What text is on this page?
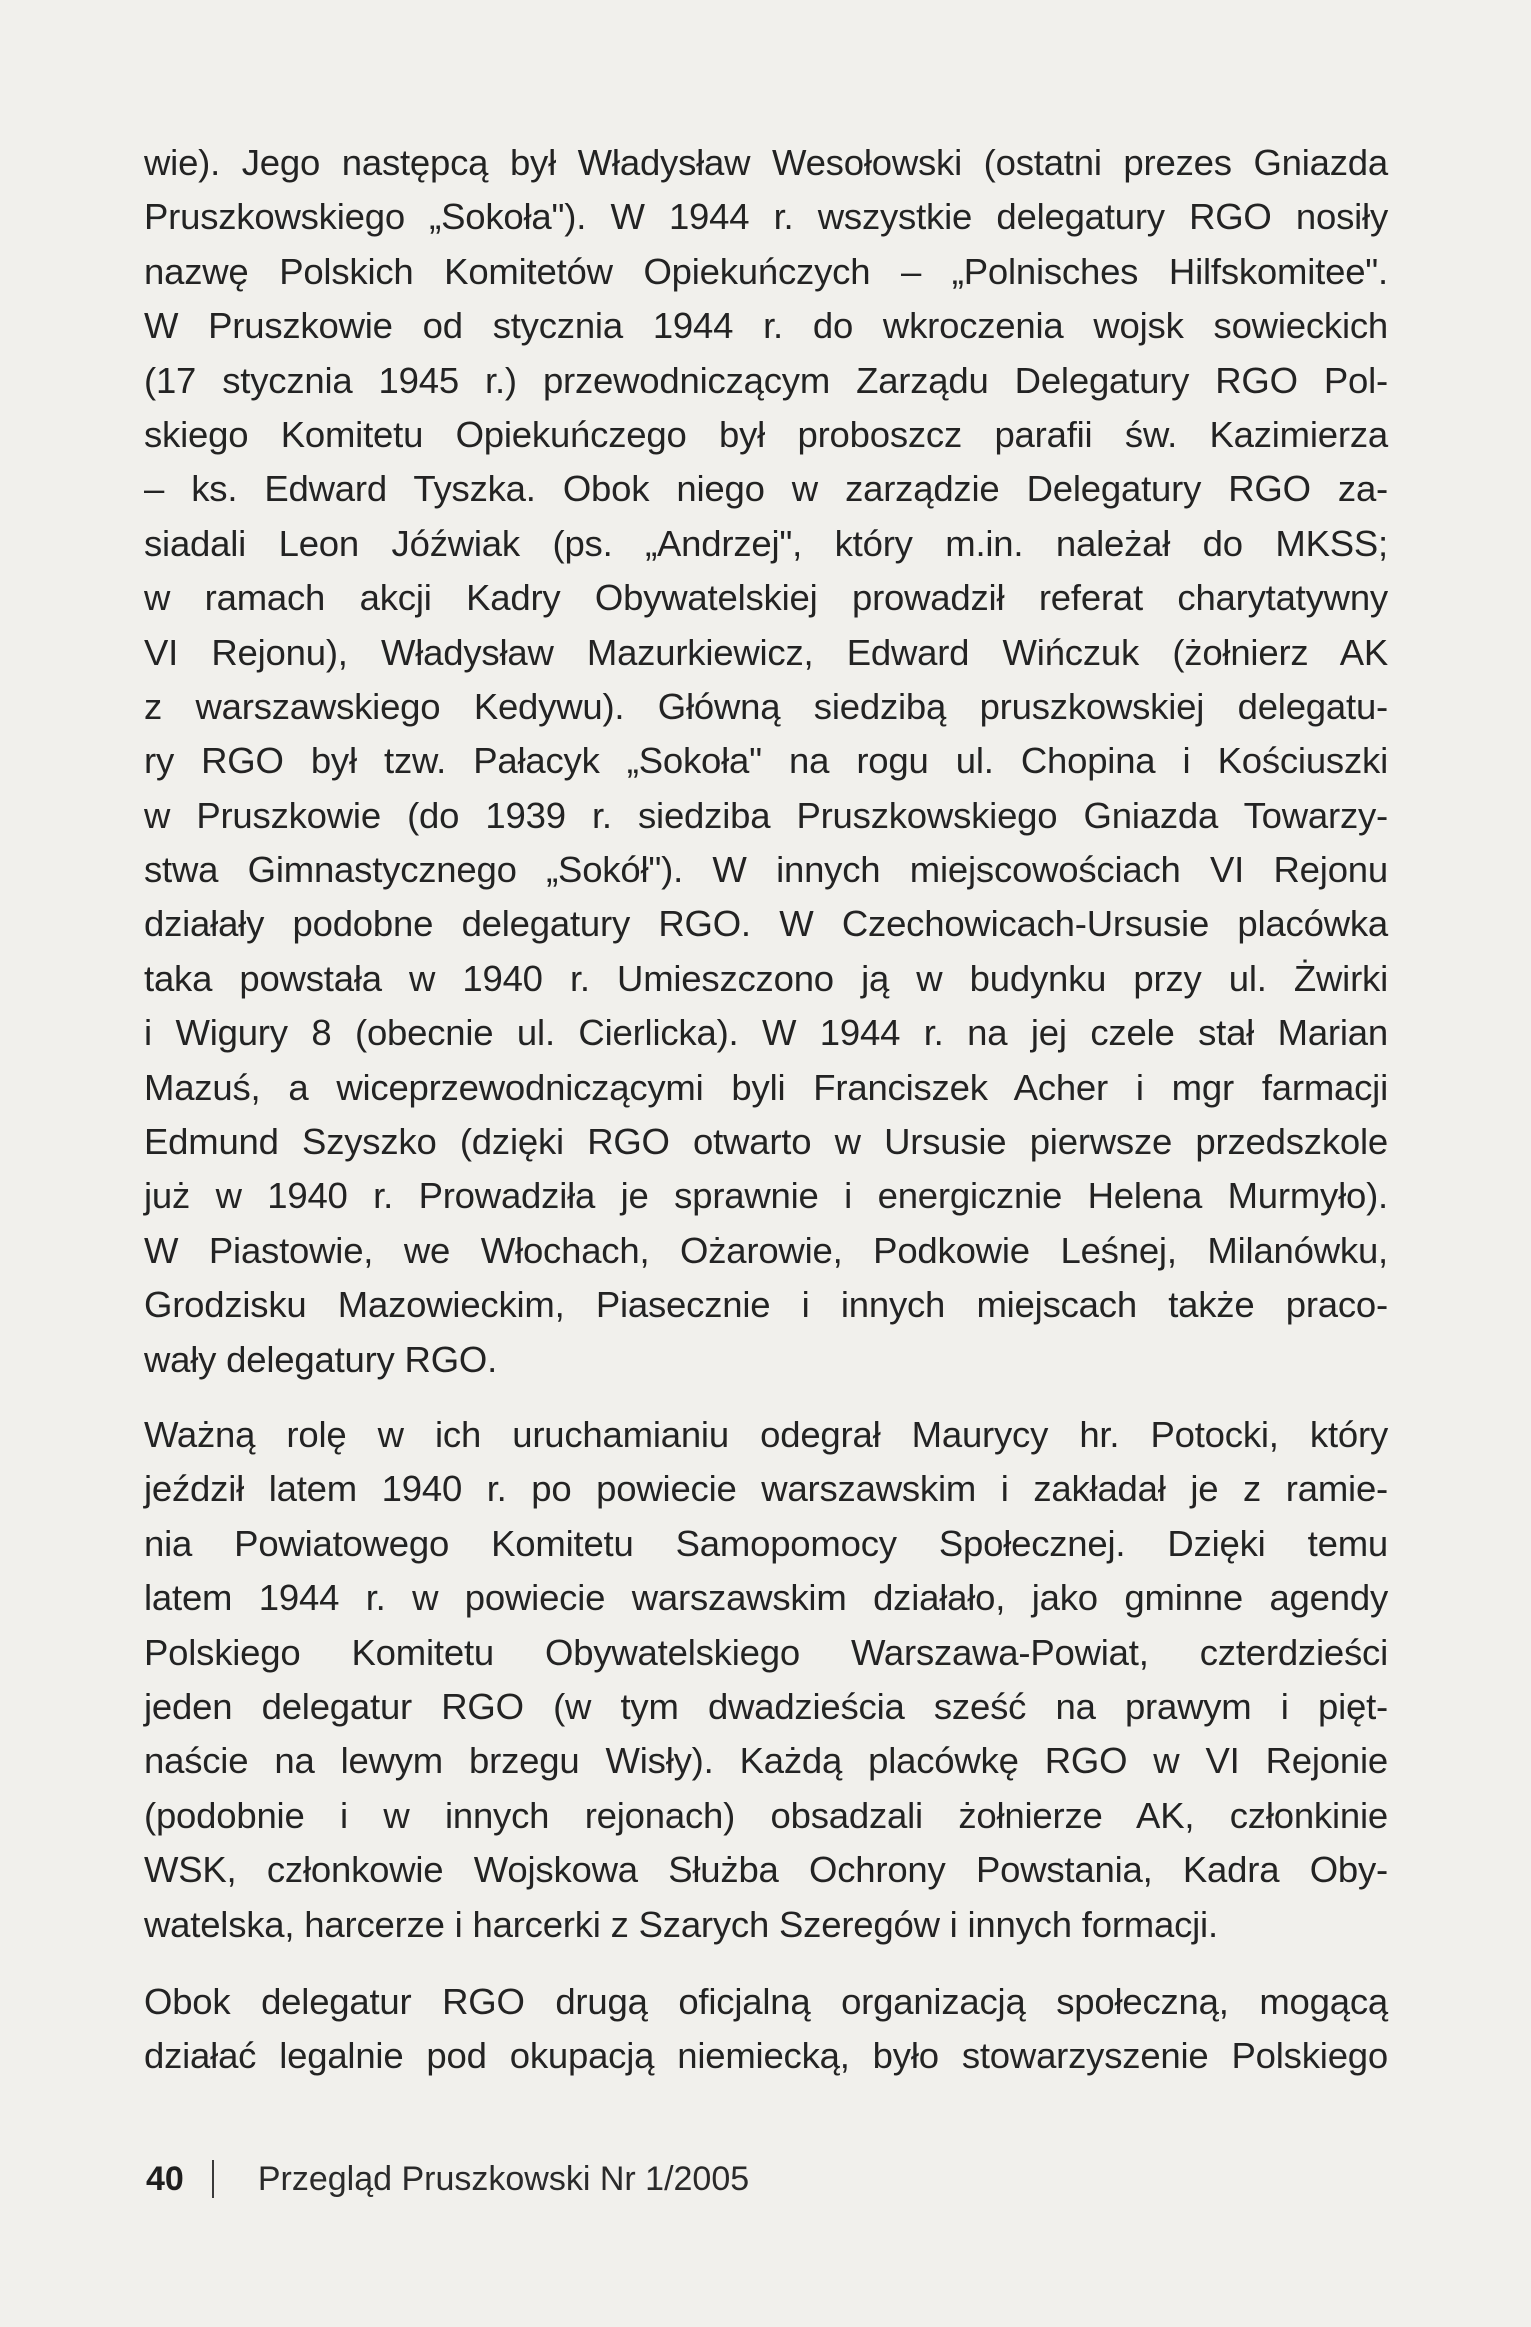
wie). Jego następcą był Władysław Wesołowski (ostatni prezes Gniazda
Pruszkowskiego „Sokoła"). W 1944 r. wszystkie delegatury RGO nosiły
nazwę Polskich Komitetów Opiekuńczych – „Polnisches Hilfskomitee".
W Pruszkowie od stycznia 1944 r. do wkroczenia wojsk sowieckich
(17 stycznia 1945 r.) przewodniczącym Zarządu Delegatury RGO Pol-
skiego Komitetu Opiekuńczego był proboszcz parafii św. Kazimierza
– ks. Edward Tyszka. Obok niego w zarządzie Delegatury RGO za-
siadali Leon Jóźwiak (ps. „Andrzej", który m.in. należał do MKSS;
w ramach akcji Kadry Obywatelskiej prowadził referat charytatywny
VI Rejonu), Władysław Mazurkiewicz, Edward Wińczuk (żołnierz AK
z warszawskiego Kedywu). Główną siedzibą pruszkowskiej delegatu-
ry RGO był tzw. Pałacyk „Sokoła" na rogu ul. Chopina i Kościuszki
w Pruszkowie (do 1939 r. siedziba Pruszkowskiego Gniazda Towarzy-
stwa Gimnastycznego „Sokół"). W innych miejscowościach VI Rejonu
działały podobne delegatury RGO. W Czechowicach-Ursusie placówka
taka powstała w 1940 r. Umieszczono ją w budynku przy ul. Żwirki
i Wigury 8 (obecnie ul. Cierlicka). W 1944 r. na jej czele stał Marian
Mazuś, a wiceprzewodniczącymi byli Franciszek Acher i mgr farmacji
Edmund Szyszko (dzięki RGO otwarto w Ursusie pierwsze przedszkole
już w 1940 r. Prowadziła je sprawnie i energicznie Helena Murmyło).
W Piastowie, we Włochach, Ożarowie, Podkowie Leśnej, Milanówku,
Grodzisku Mazowieckim, Piasecznie i innych miejscach także praco-
wały delegatury RGO.
Ważną rolę w ich uruchamianiu odegrał Maurycy hr. Potocki, który
jeździł latem 1940 r. po powiecie warszawskim i zakładał je z ramie-
nia Powiatowego Komitetu Samopomocy Społecznej. Dzięki temu
latem 1944 r. w powiecie warszawskim działało, jako gminne agendy
Polskiego Komitetu Obywatelskiego Warszawa-Powiat, czterdzieści
jeden delegatur RGO (w tym dwadzieścia sześć na prawym i pięt-
naście na lewym brzegu Wisły). Każdą placówkę RGO w VI Rejonie
(podobnie i w innych rejonach) obsadzali żołnierze AK, członkinie
WSK, członkowie Wojskowa Służba Ochrony Powstania, Kadra Oby-
watelska, harcerze i harcerki z Szarych Szeregów i innych formacji.
Obok delegatur RGO drugą oficjalną organizacją społeczną, mogącą
działać legalnie pod okupacją niemiecką, było stowarzyszenie Polskiego
40 Przegląd Pruszkowski Nr 1/2005
